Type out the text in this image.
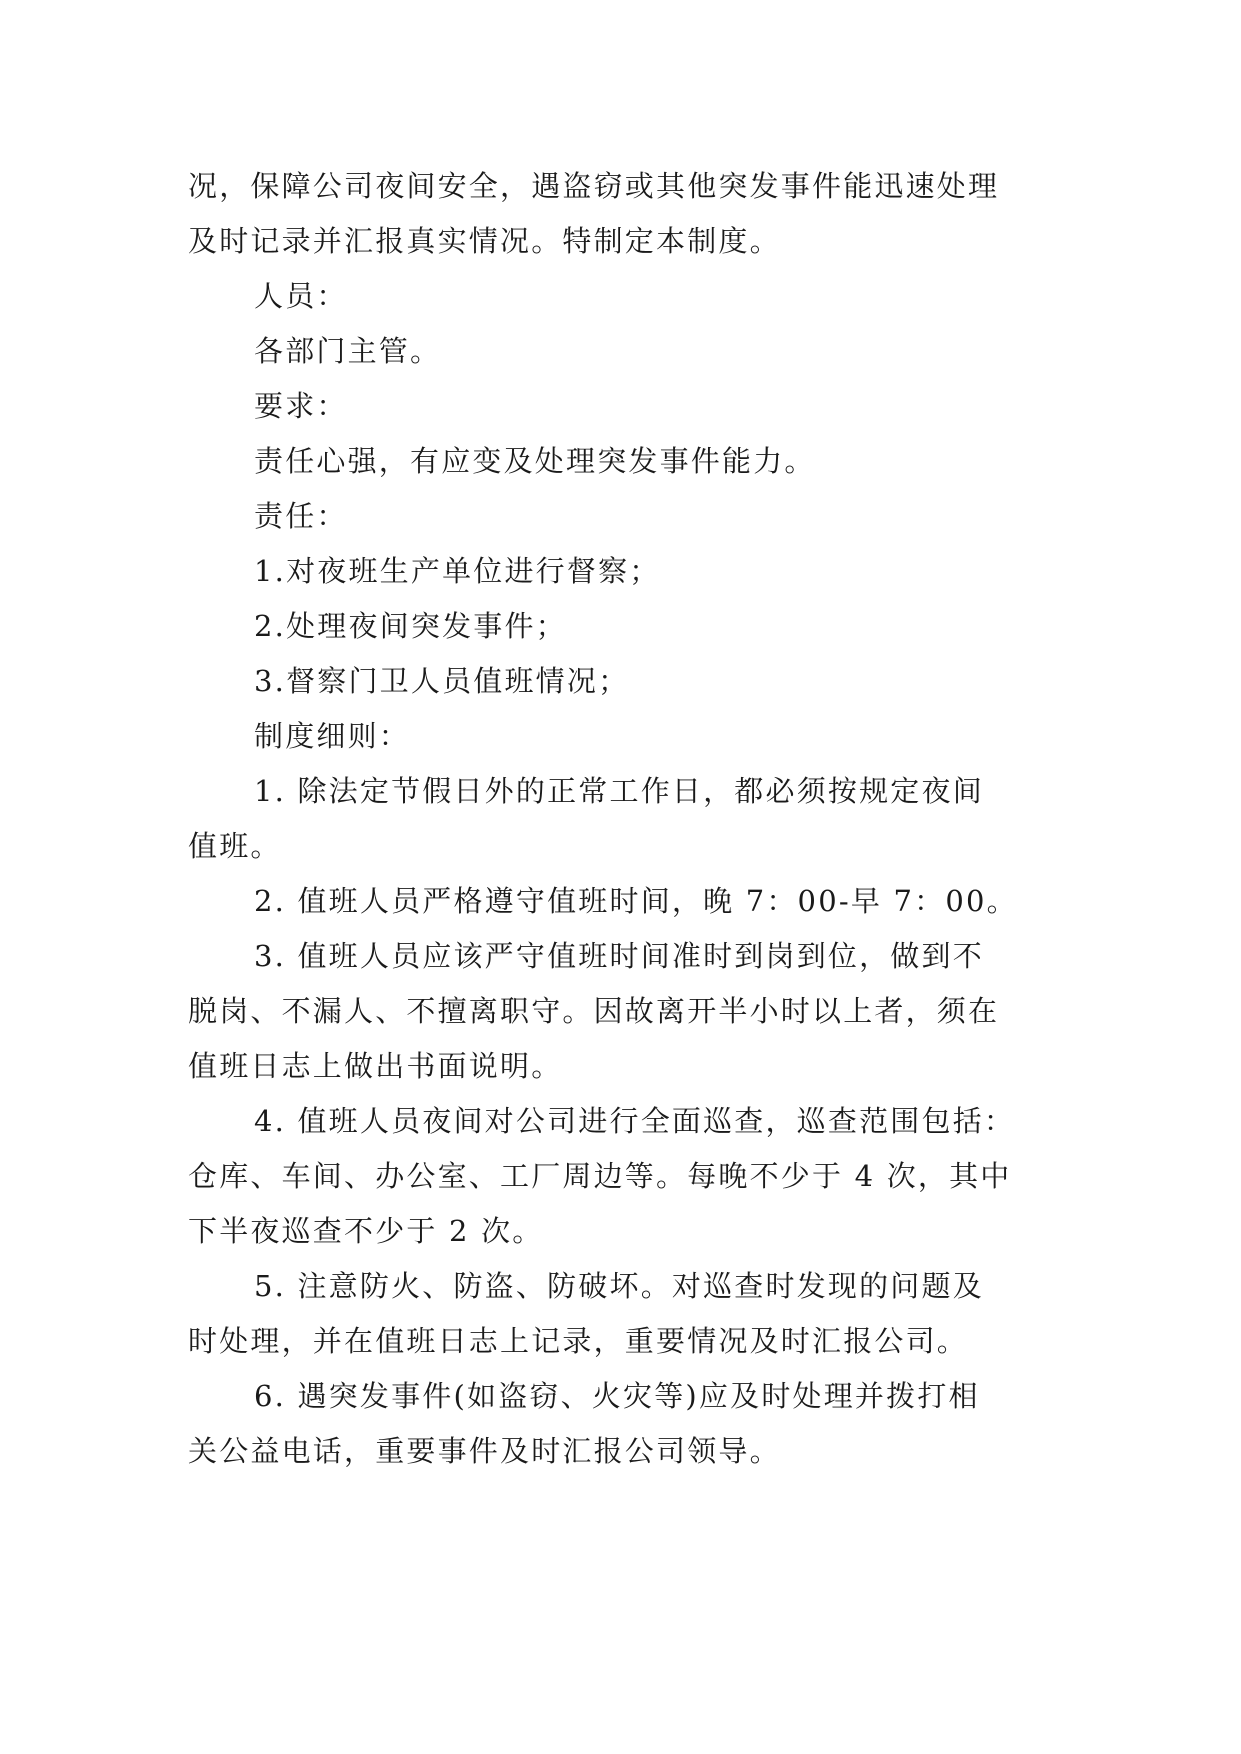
况，保障公司夜间安全，遇盗窃或其他突发事件能迅速处理
及时记录并汇报真实情况。特制定本制度。
人员：
各部门主管。
要求：
责任心强，有应变及处理突发事件能力。
责任：
1.对夜班生产单位进行督察；
2.处理夜间突发事件；
3.督察门卫人员值班情况；
制度细则：
1. 除法定节假日外的正常工作日，都必须按规定夜间
值班。
2. 值班人员严格遵守值班时间，晚 7：00-早 7：00。
3. 值班人员应该严守值班时间准时到岗到位，做到不
脱岗、不漏人、不擅离职守。因故离开半小时以上者，须在
值班日志上做出书面说明。
4. 值班人员夜间对公司进行全面巡查，巡查范围包括：
仓库、车间、办公室、工厂周边等。每晚不少于 4 次，其中
下半夜巡查不少于 2 次。
5. 注意防火、防盗、防破坏。对巡查时发现的问题及
时处理，并在值班日志上记录，重要情况及时汇报公司。
6. 遇突发事件(如盗窃、火灾等)应及时处理并拨打相
关公益电话，重要事件及时汇报公司领导。
